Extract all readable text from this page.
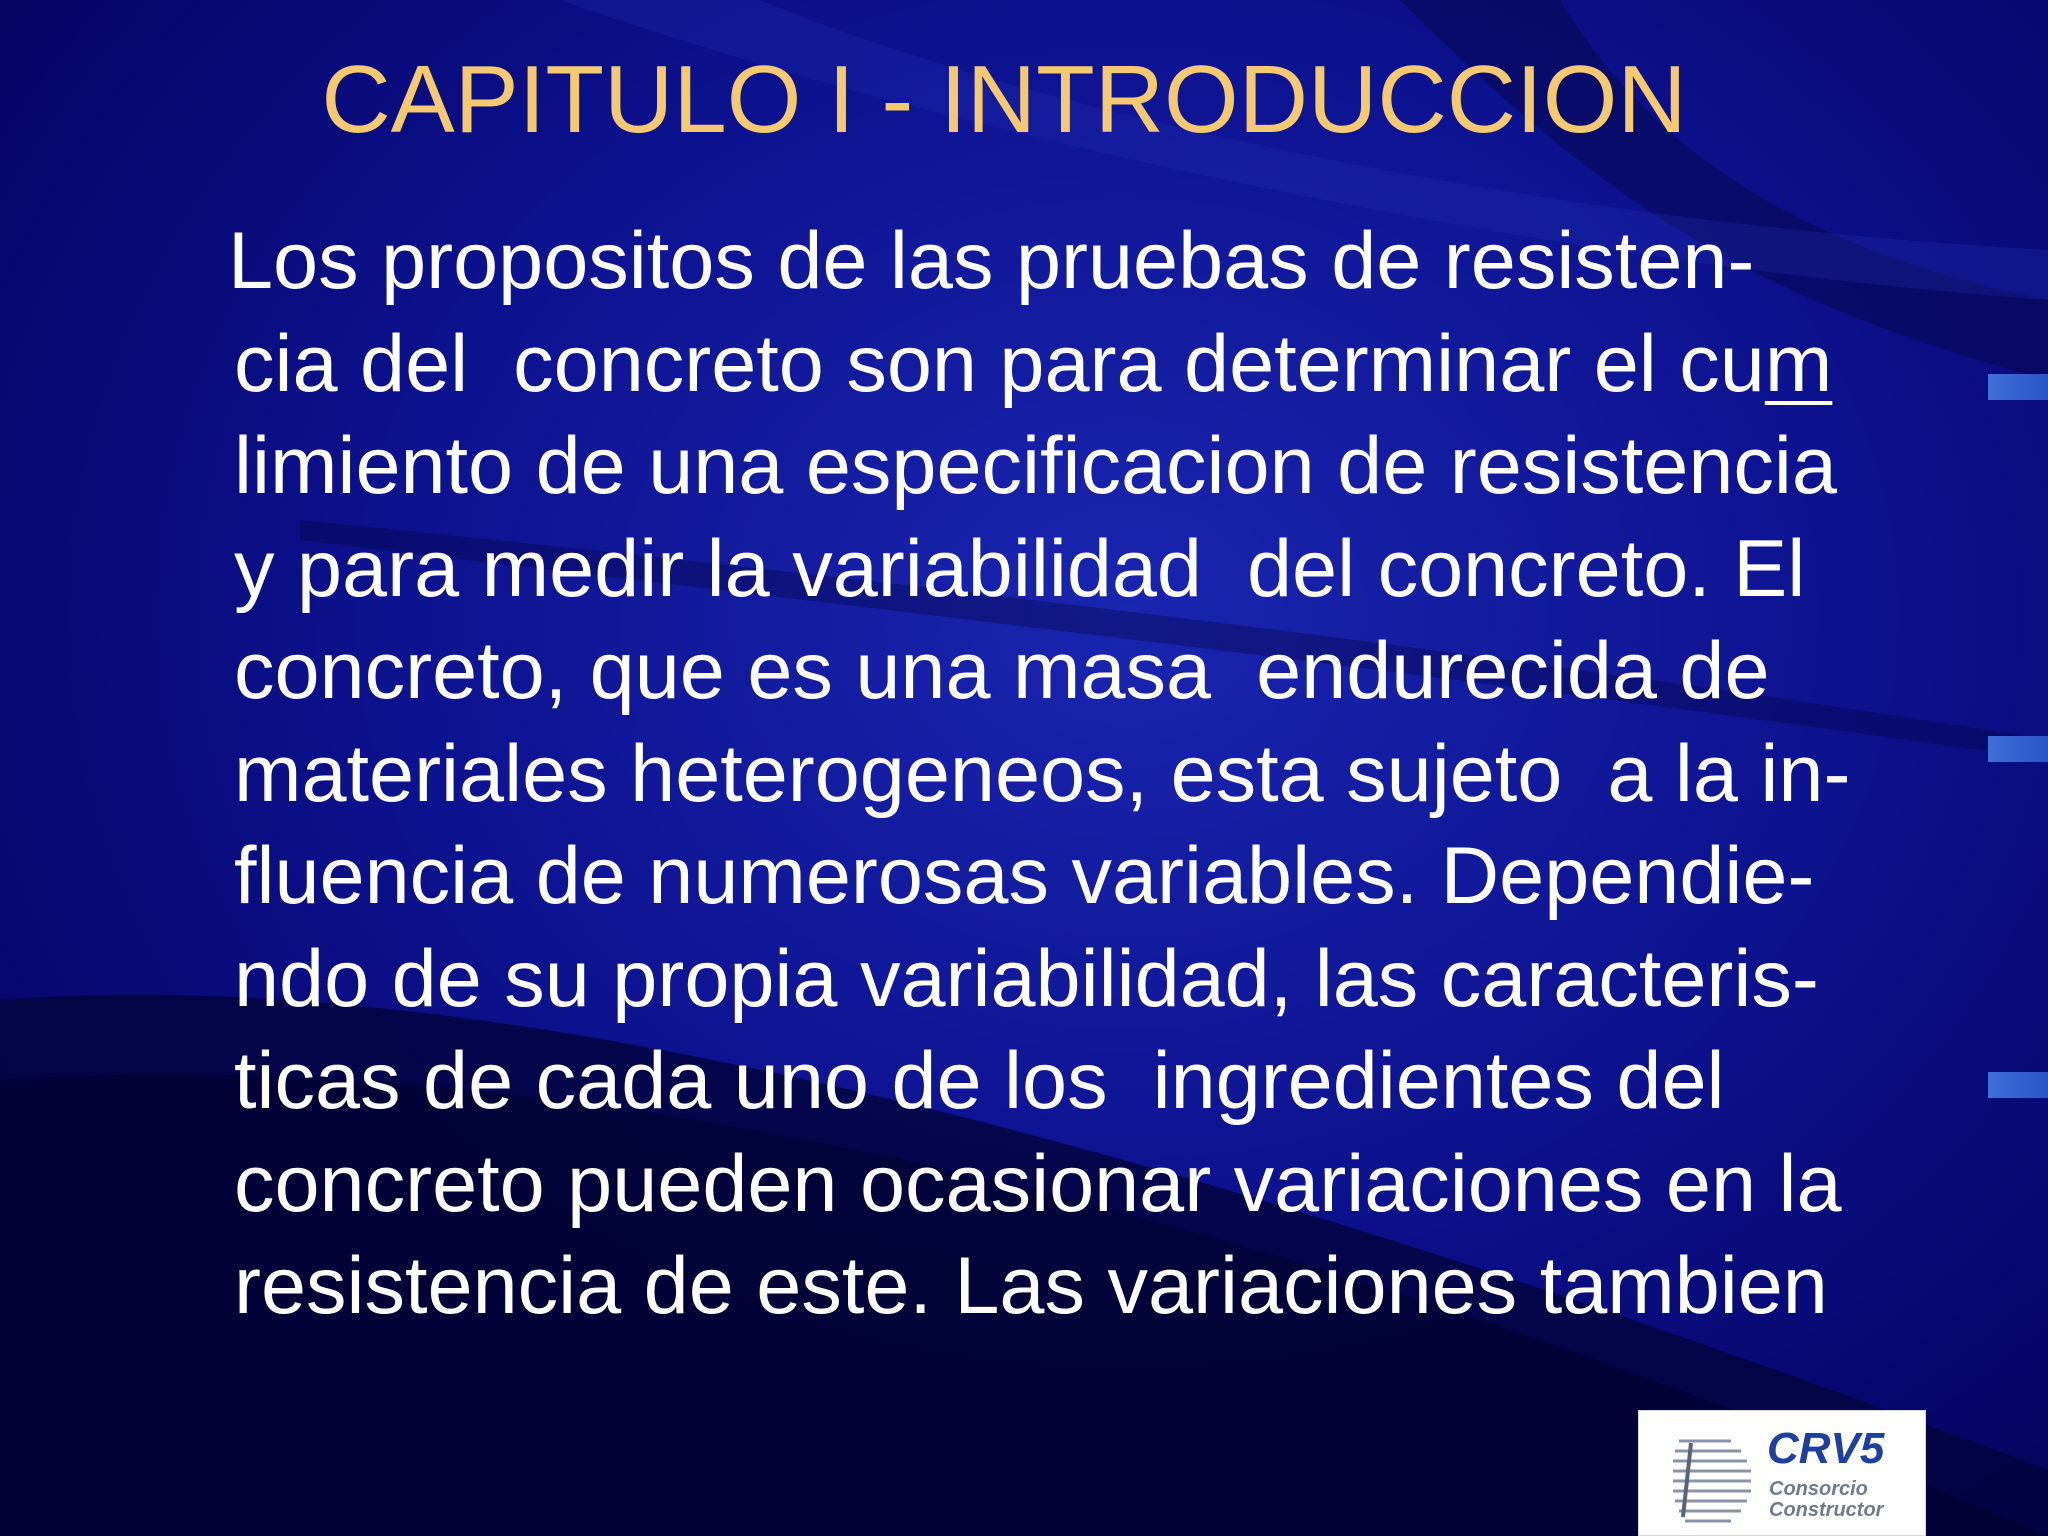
CAPITULO I - INTRODUCCION
Los propositos de las pruebas de resisten-
cia del  concreto son para determinar el cum
limiento de una especificacion de resistencia
y para medir la variabilidad  del concreto. El
concreto, que es una masa  endurecida de
materiales heterogeneos, esta sujeto  a la in-
fluencia de numerosas variables. Dependie-
ndo de su propia variabilidad, las caracteris-
ticas de cada uno de los  ingredientes del
concreto pueden ocasionar variaciones en la
resistencia de este. Las variaciones tambien
CRV5
Consorcio
Constructor
